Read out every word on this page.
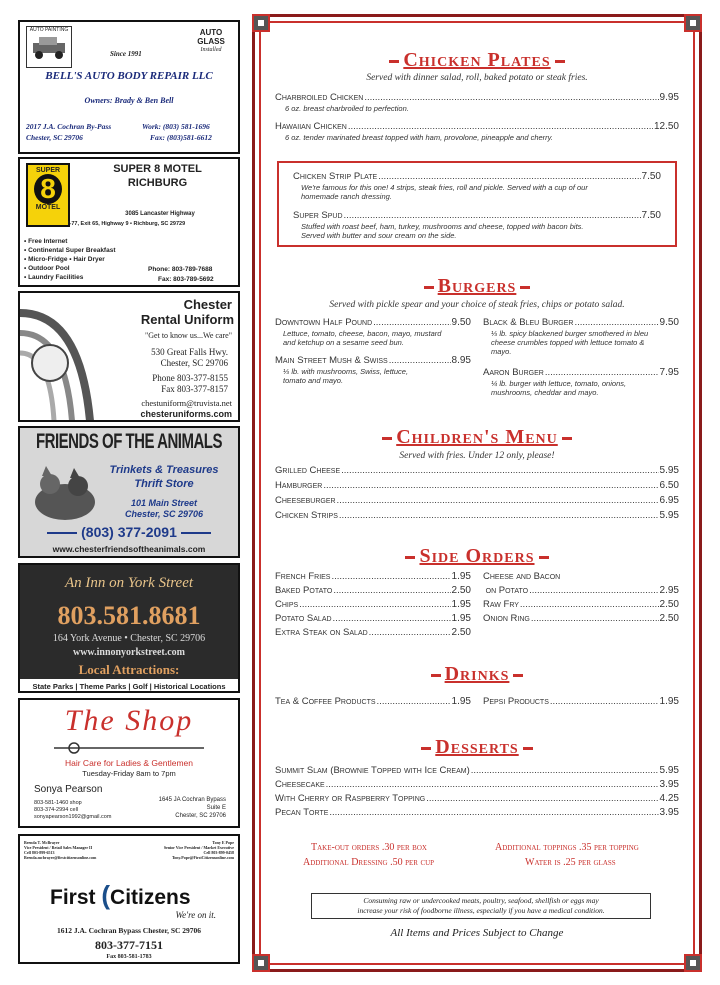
AUTO PAINTING
Since 1991
AUTO
GLASS
Installed
BELL'S AUTO BODY REPAIR LLC
Owners: Brady & Ben Bell
2017 J.A. Cochran By-Pass
Chester, SC 29706
Work: (803) 581-1696
Fax: (803)581-6612
SUPER
8
MOTEL
SUPER 8 MOTEL
RICHBURG
3085 Lancaster Highway
I-77, Exit 65, Highway 9 • Richburg, SC 29729
• Free Internet
• Continental Super Breakfast
• Micro-Fridge • Hair Dryer
• Outdoor Pool
• Laundry Facilities
Phone: 803-789-7688
Fax: 803-789-5692
Chester
Rental Uniform
"Get to know us...We care"
530 Great Falls Hwy.
Chester, SC 29706
Phone 803-377-8155
Fax 803-377-8157
chestuniform@truvista.net
chesteruniforms.com
FRIENDS OF THE ANIMALS
Trinkets & Treasures
Thrift Store
101 Main Street
Chester, SC 29706
(803) 377-2091
www.chesterfriendsoftheanimals.com
An Inn on York Street
803.581.8681
164 York Avenue • Chester, SC 29706
www.innonyorkstreet.com
Local Attractions:
State Parks | Theme Parks | Golf | Historical Locations
The Shop
Hair Care for Ladies & Gentlemen
Tuesday-Friday 8am to 7pm
Sonya Pearson
803-581-1460 shop
803-374-2994 cell
sonyapearson1992@gmail.com
1645 JA Cochran Bypass
Suite E
Chester, SC 29706
Brenda T. McBrayer
Vice President / Retail Sales Manager II
Cell 803-899-6513
Brenda.mcbrayer@firstcitizensonline.com
Tony E Pope
Senior Vice President / Market Executive
Cell 803-899-0458
Tony.Pope@FirstCitizensonline.com
First (Citizens
We're on it.
1612 J.A. Cochran Bypass Chester, SC 29706
803-377-7151
Fax 803-581-1783
Chicken Plates
Served with dinner salad, roll, baked potato or steak fries.
Charbroiled Chicken .....	9.95
6 oz. breast charbroiled to perfection.
Hawaiian Chicken .....	12.50
6 oz. tender marinated breast topped with ham, provolone, pineapple and cherry.
Chicken Strip Plate .....	7.50
We're famous for this one! 4 strips, steak fries, roll and pickle. Served with a cup of our
homemade ranch dressing.
Super Spud .....	7.50
Stuffed with roast beef, ham, turkey, mushrooms and cheese, topped with bacon bits.
Served with butter and sour cream on the side.
Burgers
Served with pickle spear and your choice of steak fries, chips or potato salad.
Downtown Half Pound .....	9.50
Lettuce, tomato, cheese, bacon, mayo, mustard
and ketchup on a sesame seed bun.
Main Street Mush & Swiss .....	8.95
⅓ lb. with mushrooms, Swiss, lettuce,
tomato and mayo.
Black & Bleu Burger .....	9.50
⅓ lb. spicy blackened burger smothered in bleu
cheese crumbles topped with lettuce tomato &
mayo.
Aaron Burger .....	7.95
¼ lb. burger with lettuce, tomato, onions,
mushrooms, cheddar and mayo.
Children's Menu
Served with fries. Under 12 only, please!
Grilled Cheese .....	5.95
Hamburger .....	6.50
Cheeseburger .....	6.95
Chicken Strips .....	5.95
Side Orders
French Fries .....	1.95
Baked Potato .....	2.50
Chips .....	1.95
Potato Salad .....	1.95
Extra Steak on Salad .....	2.50
Cheese and Bacon
on Potato .....	2.95
Raw Fry .....	2.50
Onion Ring .....	2.50
Drinks
Tea & Coffee Products .....	1.95 Pepsi Products .....	1.95
Desserts
Summit Slam (Brownie Topped with Ice Cream) .....	5.95
Cheesecake .....	3.95
With Cherry or Raspberry Topping .....	4.25
Pecan Torte .....	3.95
Take-out orders .30 per box
Additional Dressing .50 per cup
Additional toppings .35 per topping
Water is .25 per glass
Consuming raw or undercooked meats, poultry, seafood, shellfish or eggs may
increase your risk of foodborne illness, especially if you have a medical condition.
All Items and Prices Subject to Change
